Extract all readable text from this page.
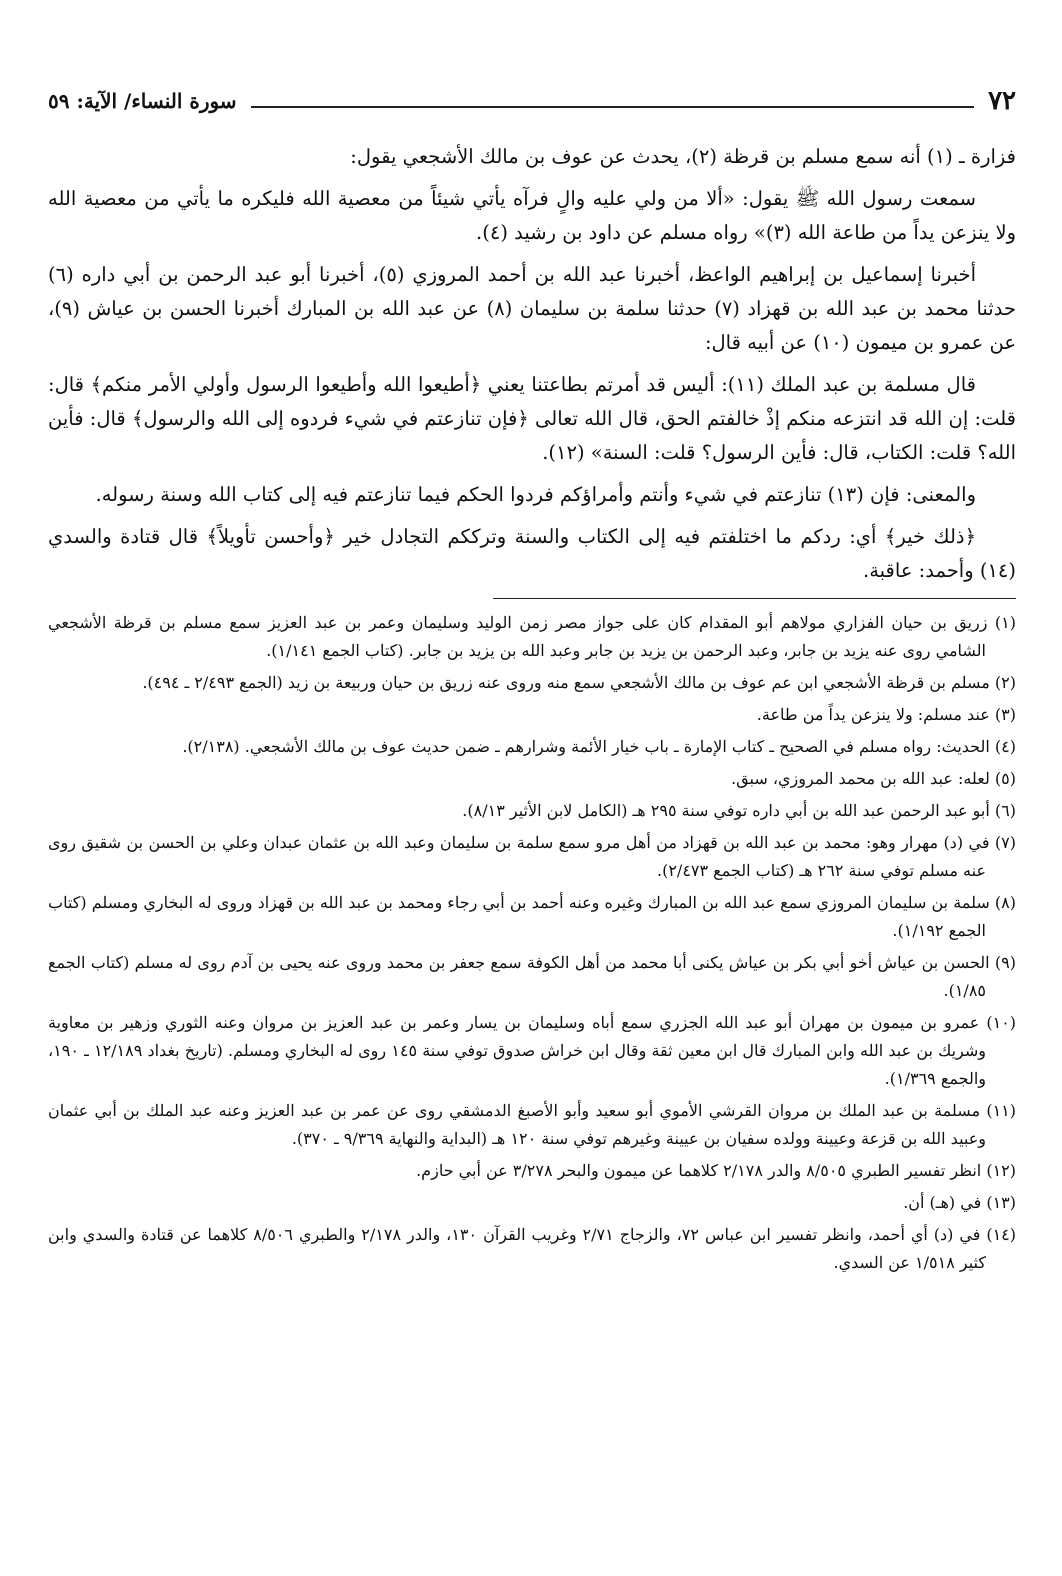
٧٢
سورة النساء/ الآية: ٥٩

فزارة ـ (١) أنه سمع مسلم بن قرظة (٢)، يحدث عن عوف بن مالك الأشجعي يقول:

سمعت رسول الله ﷺ يقول: «ألا من ولي عليه والٍ فرآه يأتي شيئاً من معصية الله فليكره ما يأتي من معصية الله ولا ينزعن يداً من طاعة الله (٣)» رواه مسلم عن داود بن رشيد (٤).

أخبرنا إسماعيل بن إبراهيم الواعظ، أخبرنا عبد الله بن أحمد المروزي (٥)، أخبرنا أبو عبد الرحمن بن أبي داره (٦) حدثنا محمد بن عبد الله بن قهزاد (٧) حدثنا سلمة بن سليمان (٨) عن عبد الله بن المبارك أخبرنا الحسن بن عياش (٩)، عن عمرو بن ميمون (١٠) عن أبيه قال:

قال مسلمة بن عبد الملك (١١): أليس قد أمرتم بطاعتنا يعني ﴿أطيعوا الله وأطيعوا الرسول وأولي الأمر منكم﴾ قال: قلت: إن الله قد انتزعه منكم إذْ خالفتم الحق، قال الله تعالى ﴿فإن تنازعتم في شيء فردوه إلى الله والرسول﴾ قال: فأين الله؟ قلت: الكتاب، قال: فأين الرسول؟ قلت: السنة» (١٢).

والمعنى: فإن (١٣) تنازعتم في شيء وأنتم وأمراؤكم فردوا الحكم فيما تنازعتم فيه إلى كتاب الله وسنة رسوله.

﴿ذلك خير﴾ أي: ردكم ما اختلفتم فيه إلى الكتاب والسنة وترككم التجادل خير ﴿وأحسن تأويلاً﴾ قال قتادة والسدي (١٤) وأحمد: عاقبة.

(١) زريق بن حيان الفزاري مولاهم أبو المقدام كان على جواز مصر زمن الوليد وسليمان وعمر بن عبد العزيز سمع مسلم بن قرظة الأشجعي الشامي روى عنه يزيد بن جابر، وعبد الرحمن بن يزيد بن جابر وعبد الله بن يزيد بن جابر. (كتاب الجمع ١/١٤١).

(٢) مسلم بن قرظة الأشجعي ابن عم عوف بن مالك الأشجعي سمع منه وروى عنه زريق بن حيان وربيعة بن زيد (الجمع ٢/٤٩٣ ـ ٤٩٤).

(٣) عند مسلم: ولا ينزعن يداً من طاعة.

(٤) الحديث: رواه مسلم في الصحيح ـ كتاب الإمارة ـ باب خيار الأئمة وشرارهم ـ ضمن حديث عوف بن مالك الأشجعي. (٢/١٣٨).

(٥) لعله: عبد الله بن محمد المروزي، سبق.

(٦) أبو عبد الرحمن عبد الله بن أبي داره توفي سنة ٢٩٥ هـ (الكامل لابن الأثير ٨/١٣).

(٧) في (د) مهرار وهو: محمد بن عبد الله بن قهزاد من أهل مرو سمع سلمة بن سليمان وعبد الله بن عثمان عبدان وعلي بن الحسن بن شقيق روى عنه مسلم توفي سنة ٢٦٢ هـ (كتاب الجمع ٢/٤٧٣).

(٨) سلمة بن سليمان المروزي سمع عبد الله بن المبارك وغيره وعنه أحمد بن أبي رجاء ومحمد بن عبد الله بن قهزاد وروى له البخاري ومسلم (كتاب الجمع ١/١٩٢).

(٩) الحسن بن عياش أخو أبي بكر بن عياش يكنى أبا محمد من أهل الكوفة سمع جعفر بن محمد وروى عنه يحيى بن آدم روى له مسلم (كتاب الجمع ١/٨٥).

(١٠) عمرو بن ميمون بن مهران أبو عبد الله الجزري سمع أباه وسليمان بن يسار وعمر بن عبد العزيز بن مروان وعنه الثوري وزهير بن معاوية وشريك بن عبد الله وابن المبارك قال ابن معين ثقة وقال ابن خراش صدوق توفي سنة ١٤٥ روى له البخاري ومسلم. (تاريخ بغداد ١٢/١٨٩ ـ ١٩٠، والجمع ١/٣٦٩).

(١١) مسلمة بن عبد الملك بن مروان القرشي الأموي أبو سعيد وأبو الأصبغ الدمشقي روى عن عمر بن عبد العزيز وعنه عبد الملك بن أبي عثمان وعبيد الله بن قزعة وعيينة وولده سفيان بن عيينة وغيرهم توفي سنة ١٢٠ هـ (البداية والنهاية ٩/٣٦٩ ـ ٣٧٠).

(١٢) انظر تفسير الطبري ٨/٥٠٥ والدر ٢/١٧٨ كلاهما عن ميمون والبحر ٣/٢٧٨ عن أبي حازم.

(١٣) في (هـ) أن.

(١٤) في (د) أي أحمد، وانظر تفسير ابن عباس ٧٢، والزجاج ٢/٧١ وغريب القرآن ١٣٠، والدر ٢/١٧٨ والطبري ٨/٥٠٦ كلاهما عن قتادة والسدي وابن كثير ١/٥١٨ عن السدي.
